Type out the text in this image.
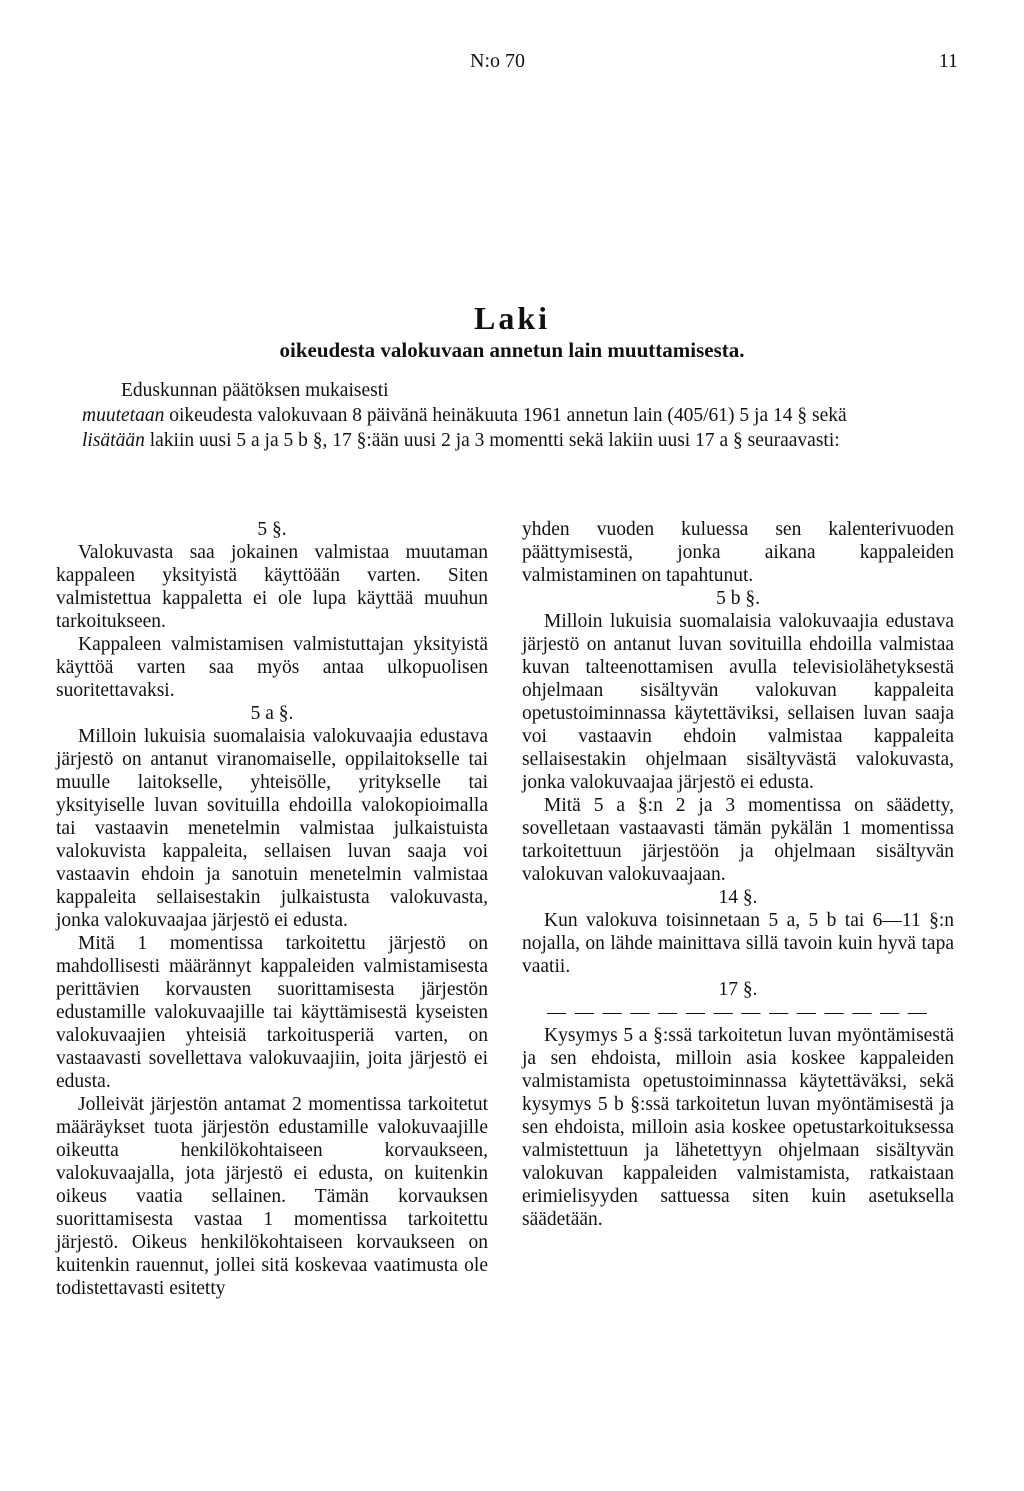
N:o 70	11
Laki
oikeudesta valokuvaan annetun lain muuttamisesta.

  Eduskunnan päätöksen mukaisesti

muutetaan oikeudesta valokuvaan 8 päivänä heinäkuuta 1961 annetun lain (405/61) 5 ja 14 § sekä

lisätään lakiin uusi 5 a ja 5 b §, 17 §:ään uusi 2 ja 3 momentti sekä lakiin uusi 17 a § seuraavasti:

5 §.

Valokuvasta saa jokainen valmistaa muutaman kappaleen yksityistä käyttöään varten. Siten valmistettua kappaletta ei ole lupa käyttää muuhun tarkoitukseen.

Kappaleen valmistamisen valmistuttajan yksityistä käyttöä varten saa myös antaa ulkopuolisen suoritettavaksi.

5 a §.

Milloin lukuisia suomalaisia valokuvaajia edustava järjestö on antanut viranomaiselle, oppilaitokselle tai muulle laitokselle, yhteisölle, yritykselle tai yksityiselle luvan sovituilla ehdoilla valokopioimalla tai vastaavin menetelmin valmistaa julkaistuista valokuvista kappaleita, sellaisen luvan saaja voi vastaavin ehdoin ja sanotuin menetelmin valmistaa kappaleita sellaisestakin julkaistusta valokuvasta, jonka valokuvaajaa järjestö ei edusta.

Mitä 1 momentissa tarkoitettu järjestö on mahdollisesti määrännyt kappaleiden valmistamisesta perittävien korvausten suorittamisesta järjestön edustamille valokuvaajille tai käyttämisestä kyseisten valokuvaajien yhteisiä tarkoitusperiä varten, on vastaavasti sovellettava valokuvaajiin, joita järjestö ei edusta.

Jolleivät järjestön antamat 2 momentissa tarkoitetut määräykset tuota järjestön edustamille valokuvaajille oikeutta henkilökohtaiseen korvaukseen, valokuvaajalla, jota järjestö ei edusta, on kuitenkin oikeus vaatia sellainen. Tämän korvauksen suorittamisesta vastaa 1 momentissa tarkoitettu järjestö. Oikeus henkilökohtaiseen korvaukseen on kuitenkin rauennut, jollei sitä koskevaa vaatimusta ole todistettavasti esitetty

yhden vuoden kuluessa sen kalenterivuoden päättymisestä, jonka aikana kappaleiden valmistaminen on tapahtunut.

5 b §.

Milloin lukuisia suomalaisia valokuvaajia edustava järjestö on antanut luvan sovituilla ehdoilla valmistaa kuvan talteenottamisen avulla televisiolähetyksestä ohjelmaan sisältyvän valokuvan kappaleita opetustoiminnassa käytettäviksi, sellaisen luvan saaja voi vastaavin ehdoin valmistaa kappaleita sellaisestakin ohjelmaan sisältyvästä valokuvasta, jonka valokuvaajaa järjestö ei edusta.

Mitä 5 a §:n 2 ja 3 momentissa on säädetty, sovelletaan vastaavasti tämän pykälän 1 momentissa tarkoitettuun järjestöön ja ohjelmaan sisältyvän valokuvan valokuvaajaan.

14 §.

Kun valokuva toisinnetaan 5 a, 5 b tai 6—11 §:n nojalla, on lähde mainittava sillä tavoin kuin hyvä tapa vaatii.

17 §.

— — — — — — — — — — — — — —

Kysymys 5 a §:ssä tarkoitetun luvan myöntämisestä ja sen ehdoista, milloin asia koskee kappaleiden valmistamista opetustoiminnassa käytettäväksi, sekä kysymys 5 b §:ssä tarkoitetun luvan myöntämisestä ja sen ehdoista, milloin asia koskee opetustarkoituksessa valmistettuun ja lähetettyyn ohjelmaan sisältyvän valokuvan kappaleiden valmistamista, ratkaistaan erimielisyyden sattuessa siten kuin asetuksella säädetään.
